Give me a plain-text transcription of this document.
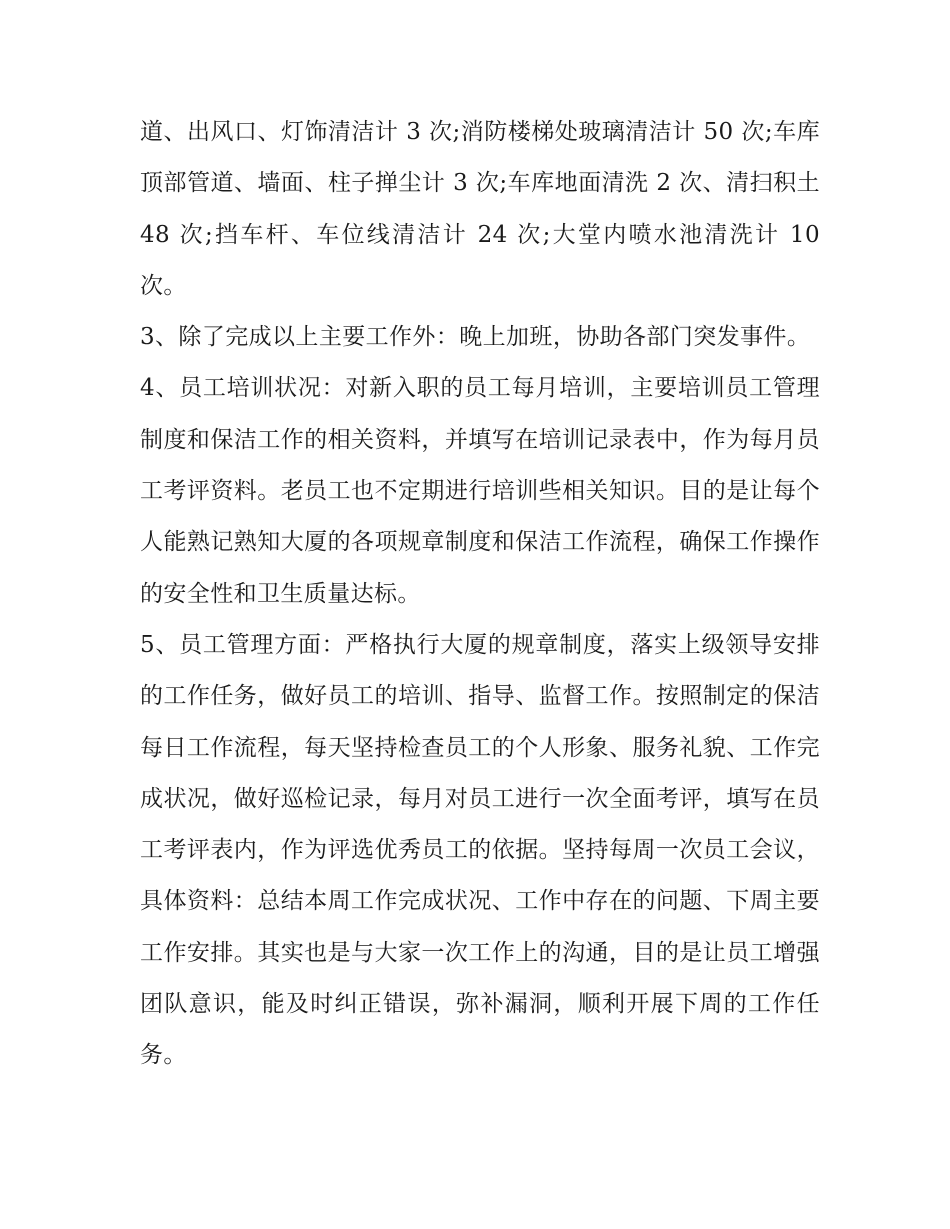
道、出风口、灯饰清洁计 3 次;消防楼梯处玻璃清洁计 50 次;车库顶部管道、墙面、柱子掸尘计 3 次;车库地面清洗 2 次、清扫积土 48 次;挡车杆、车位线清洁计 24 次;大堂内喷水池清洗计 10 次。

3、除了完成以上主要工作外：晚上加班，协助各部门突发事件。

4、员工培训状况：对新入职的员工每月培训，主要培训员工管理制度和保洁工作的相关资料，并填写在培训记录表中，作为每月员工考评资料。老员工也不定期进行培训些相关知识。目的是让每个人能熟记熟知大厦的各项规章制度和保洁工作流程，确保工作操作的安全性和卫生质量达标。

5、员工管理方面：严格执行大厦的规章制度，落实上级领导安排的工作任务，做好员工的培训、指导、监督工作。按照制定的保洁每日工作流程，每天坚持检查员工的个人形象、服务礼貌、工作完成状况，做好巡检记录，每月对员工进行一次全面考评，填写在员工考评表内，作为评选优秀员工的依据。坚持每周一次员工会议，具体资料：总结本周工作完成状况、工作中存在的问题、下周主要工作安排。其实也是与大家一次工作上的沟通，目的是让员工增强团队意识，能及时纠正错误，弥补漏洞，顺利开展下周的工作任务。
